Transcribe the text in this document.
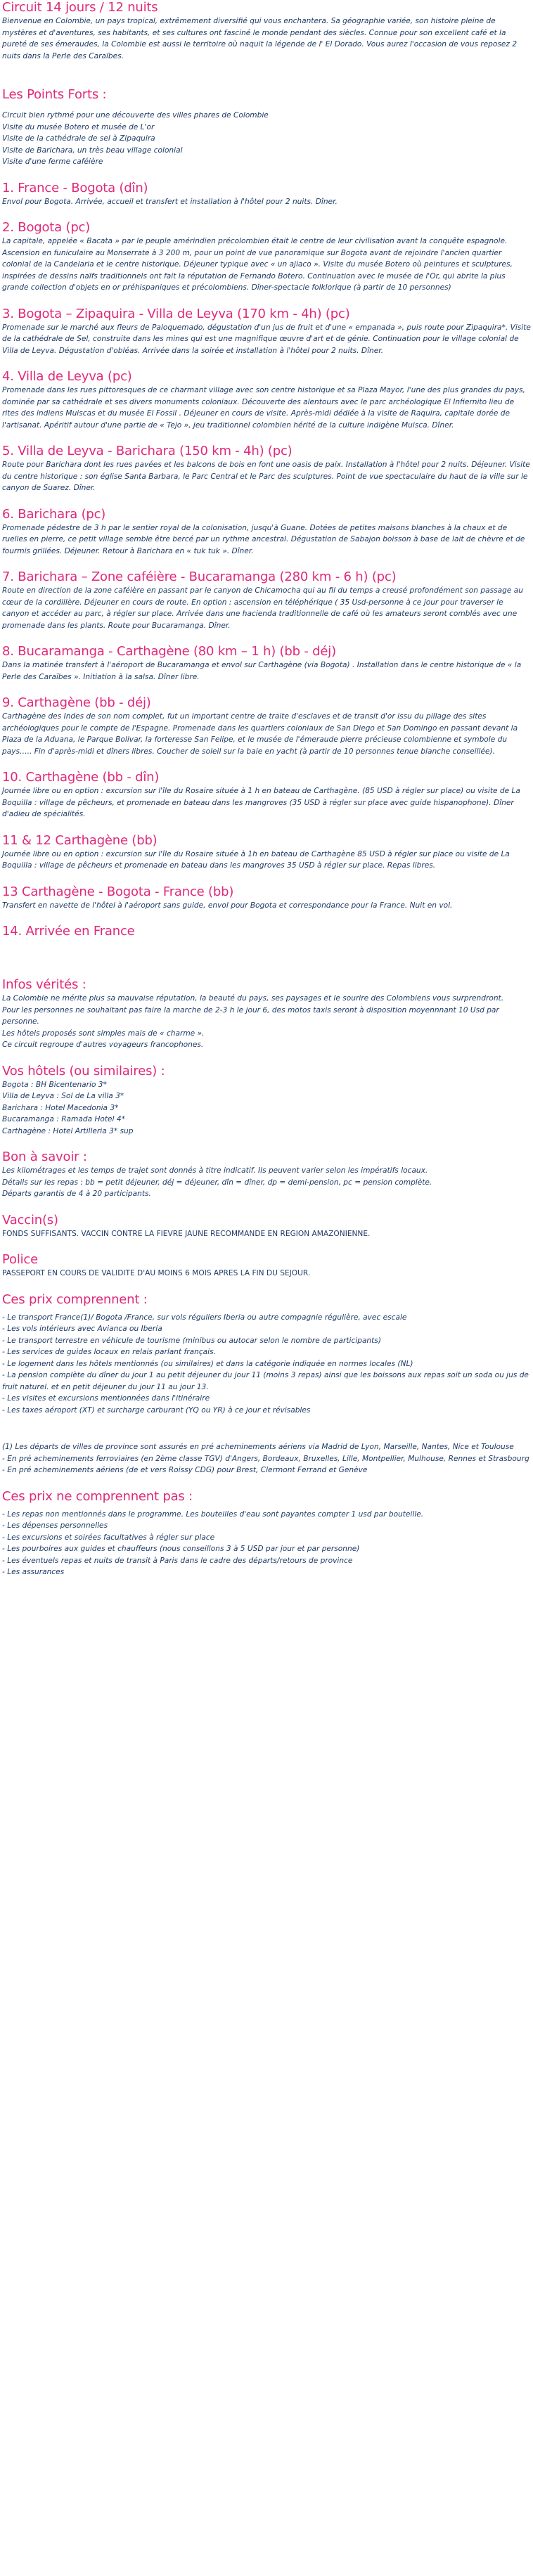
Circuit 14 jours / 12 nuits

Bienvenue en Colombie, un pays tropical, extrêmement diversifié qui vous enchantera. Sa géographie variée, son histoire pleine de mystères et d'aventures, ses habitants, et ses cultures ont fasciné le monde pendant des siècles. Connue pour son excellent café et la pureté de ses émeraudes, la Colombie est aussi le territoire où naquit la légende de l' El Dorado. Vous aurez l'occasion de vous reposez 2 nuits dans la Perle des Caraïbes.

Les Points Forts :
Circuit bien rythmé pour une découverte des villes phares de Colombie
Visite du musée Botero et musée de L'or
Visite de la cathédrale de sel à Zipaquira
Visite de Barichara, un très beau village colonial
Visite d'une ferme caféière
1. France - Bogota (dîn)

Envol pour Bogota. Arrivée, accueil et transfert et installation à l'hôtel pour 2 nuits. Dîner.

2. Bogota (pc)

La capitale, appelée « Bacata » par le peuple amérindien précolombien était le centre de leur civilisation avant la conquête espagnole. Ascension en funiculaire au Monserrate à 3 200 m, pour un point de vue panoramique sur Bogota avant de rejoindre l'ancien quartier colonial de la Candelaria et le centre historique. Déjeuner typique avec « un ajiaco ». Visite du musée Botero où peintures et sculptures, inspirées de dessins naïfs traditionnels ont fait la réputation de Fernando Botero. Continuation avec le musée de l'Or, qui abrite la plus grande collection d'objets en or préhispaniques et précolombiens. Dîner-spectacle folklorique (à partir de 10 personnes)

3. Bogota – Zipaquira - Villa de Leyva (170 km - 4h) (pc)

Promenade sur le marché aux fleurs de Paloquemado, dégustation d'un jus de fruit et d'une « empanada », puis route pour Zipaquira*. Visite de la cathédrale de Sel, construite dans les mines qui est une magnifique œuvre d'art et de génie. Continuation pour le village colonial de Villa de Leyva. Dégustation d'obléas. Arrivée dans la soirée et installation à l'hôtel pour 2 nuits. Dîner.

4. Villa de Leyva (pc)

Promenade dans les rues pittoresques de ce charmant village avec son centre historique et sa Plaza Mayor, l'une des plus grandes du pays, dominée par sa cathédrale et ses divers monuments coloniaux. Découverte des alentours avec le parc archéologique El Infiernito lieu de rites des indiens Muiscas et du musée El Fossil . Déjeuner en cours de visite. Après-midi dédiée à la visite de Raquira, capitale dorée de l'artisanat. Apéritif autour d'une partie de « Tejo », jeu traditionnel colombien hérité de la culture indigène Muisca. Dîner.

5. Villa de Leyva - Barichara (150 km - 4h) (pc)

Route pour Barichara dont les rues pavées et les balcons de bois en font une oasis de paix. Installation à l'hôtel pour 2 nuits. Déjeuner. Visite du centre historique : son église Santa Barbara, le Parc Central et le Parc des sculptures. Point de vue spectaculaire du haut de la ville sur le canyon de Suarez. Dîner.

6. Barichara (pc)

Promenade pédestre de 3 h par le sentier royal de la colonisation, jusqu'à Guane. Dotées de petites maisons blanches à la chaux et de ruelles en pierre, ce petit village semble être bercé par un rythme ancestral. Dégustation de Sabajon boisson à base de lait de chèvre et de fourmis grillées. Déjeuner. Retour à Barichara en « tuk tuk ». Dîner.

7. Barichara – Zone caféière - Bucaramanga (280 km - 6 h) (pc)

Route en direction de la zone caféière en passant par le canyon de Chicamocha qui au fil du temps a creusé profondément son passage au cœur de la cordillère. Déjeuner en cours de route. En option : ascension en téléphérique ( 35 Usd-personne à ce jour pour traverser le canyon et accéder au parc, à régler sur place. Arrivée dans une hacienda traditionnelle de café où les amateurs seront comblés avec une promenade dans les plants. Route pour Bucaramanga. Dîner.

8. Bucaramanga - Carthagène (80 km – 1 h) (bb - déj)

Dans la matinée transfert à l'aéroport de Bucaramanga et envol sur Carthagène (via Bogota) . Installation dans le centre historique de « la Perle des Caraïbes ». Initiation à la salsa. Dîner libre.

9. Carthagène (bb - déj)

Carthagène des Indes de son nom complet, fut un important centre de traite d'esclaves et de transit d'or issu du pillage des sites archéologiques pour le compte de l'Espagne. Promenade dans les quartiers coloniaux de San Diego et San Domingo en passant devant la Plaza de la Aduana, le Parque Bolivar, la forteresse San Felipe, et le musée de l'émeraude pierre précieuse colombienne et symbole du pays….. Fin d'après-midi et dîners libres. Coucher de soleil sur la baie en yacht (à partir de 10 personnes tenue blanche conseillée).

10. Carthagène (bb - dîn)

Journée libre ou en option : excursion sur l'île du Rosaire située à 1 h en bateau de Carthagène. (85 USD à régler sur place) ou visite de La Boquilla : village de pêcheurs, et promenade en bateau dans les mangroves (35 USD à régler sur place avec guide hispanophone). Dîner d'adieu de spécialités.

11 & 12 Carthagène (bb)

Journée libre ou en option : excursion sur l'île du Rosaire située à 1h en bateau de Carthagène 85 USD à régler sur place ou visite de La Boquilla : village de pêcheurs et promenade en bateau dans les mangroves 35 USD à régler sur place. Repas libres.

13 Carthagène - Bogota - France (bb)

Transfert en navette de l'hôtel à l'aéroport sans guide, envol pour Bogota et correspondance pour la France. Nuit en vol.

14. Arrivée en France
Infos vérités :

La Colombie ne mérite plus sa mauvaise réputation, la beauté du pays, ses paysages et le sourire des Colombiens vous surprendront.

Pour les personnes ne souhaitant pas faire la marche de 2-3 h le jour 6, des motos taxis seront à disposition moyennnant 10 Usd par personne.

Les hôtels proposés sont simples mais de « charme ».

Ce circuit regroupe d'autres voyageurs francophones.

Vos hôtels (ou similaires) :

Bogota : BH Bicentenario 3*

Villa de Leyva : Sol de La villa 3*

Barichara : Hotel Macedonia 3*

Bucaramanga : Ramada Hotel 4*

Carthagène : Hotel Artilleria 3* sup

Bon à savoir :

Les kilométrages et les temps de trajet sont donnés à titre indicatif. Ils peuvent varier selon les impératifs locaux.

Détails sur les repas : bb = petit déjeuner, déj = déjeuner, dîn = dîner, dp = demi-pension, pc = pension complète.

Départs garantis de 4 à 20 participants.

Vaccin(s)

FONDS SUFFISANTS. VACCIN CONTRE LA FIEVRE JAUNE RECOMMANDE EN REGION AMAZONIENNE.

Police

PASSEPORT EN COURS DE VALIDITE D'AU MOINS 6 MOIS APRES LA FIN DU SEJOUR.

Ces prix comprennent :

- Le transport France(1)/ Bogota /France, sur vols réguliers Iberia ou autre compagnie régulière, avec escale

- Les vols intérieurs avec Avianca ou Iberia

- Le transport terrestre en véhicule de tourisme (minibus ou autocar selon le nombre de participants)

- Les services de guides locaux en relais parlant français.

- Le logement dans les hôtels mentionnés (ou similaires) et dans la catégorie indiquée en normes locales (NL)

- La pension complète du dîner du jour 1 au petit déjeuner du jour 11 (moins 3 repas) ainsi que les boissons aux repas soit un soda ou jus de fruit naturel. et en petit déjeuner du jour 11 au jour 13.

- Les visites et excursions mentionnées dans l'itinéraire

- Les taxes aéroport (XT) et surcharge carburant (YQ ou YR) à ce jour et révisables

(1) Les départs de villes de province sont assurés en pré acheminements aériens via Madrid de Lyon, Marseille, Nantes, Nice et Toulouse

- En pré acheminements ferroviaires (en 2ème classe TGV) d'Angers, Bordeaux, Bruxelles, Lille, Montpellier, Mulhouse, Rennes et Strasbourg

- En pré acheminements aériens (de et vers Roissy CDG) pour Brest, Clermont Ferrand et Genève

Ces prix ne comprennent pas :

- Les repas non mentionnés dans le programme. Les bouteilles d'eau sont payantes compter 1 usd par bouteille.

- Les dépenses personnelles

- Les excursions et soirées facultatives à régler sur place

- Les pourboires aux guides et chauffeurs (nous conseillons 3 à 5 USD par jour et par personne)

- Les éventuels repas et nuits de transit à Paris dans le cadre des départs/retours de province

- Les assurances
